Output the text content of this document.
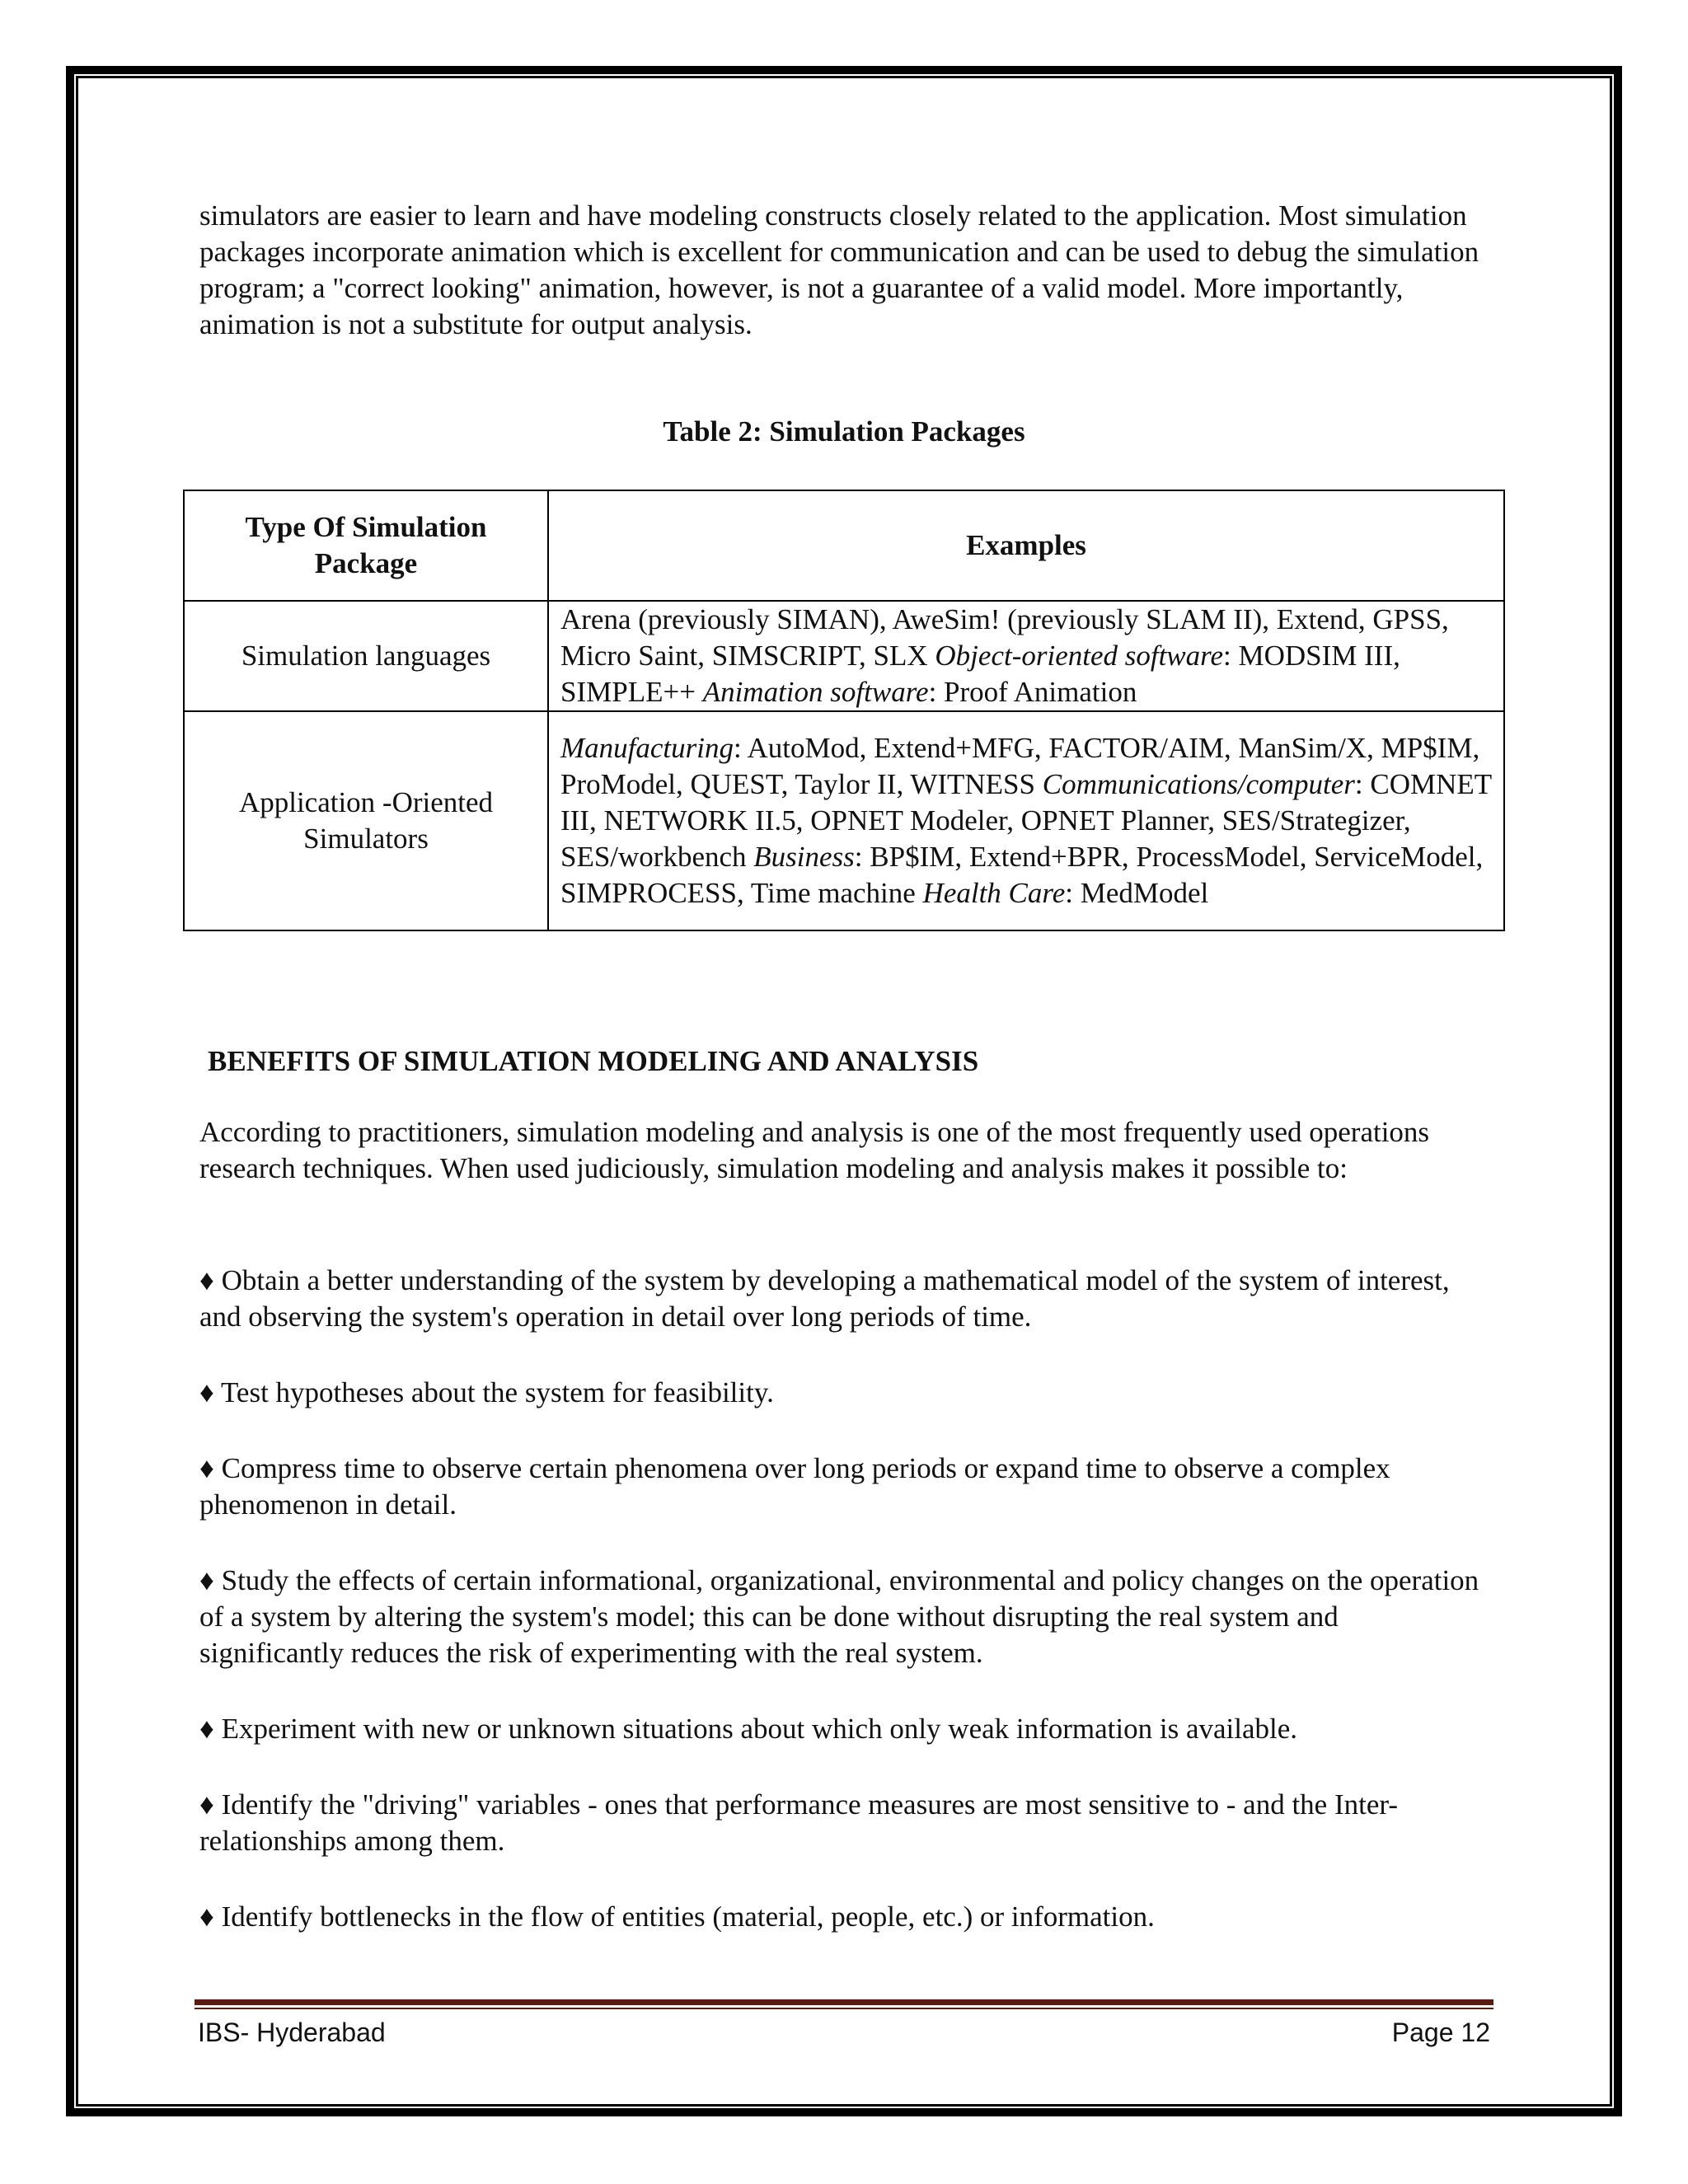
simulators are easier to learn and have modeling constructs closely related to the application. Most simulation packages incorporate animation which is excellent for communication and can be used to debug the simulation program; a "correct looking" animation, however, is not a guarantee of a valid model. More importantly, animation is not a substitute for output analysis.

Table 2: Simulation Packages
Type Of Simulation Package	Examples
Simulation languages	Arena (previously SIMAN), AweSim! (previously SLAM II), Extend, GPSS, Micro Saint, SIMSCRIPT, SLX Object-oriented software: MODSIM III, SIMPLE++ Animation software: Proof Animation
Application -Oriented Simulators	Manufacturing: AutoMod, Extend+MFG, FACTOR/AIM, ManSim/X, MP$IM, ProModel, QUEST, Taylor II, WITNESS Communications/computer: COMNET III, NETWORK II.5, OPNET Modeler, OPNET Planner, SES/Strategizer, SES/workbench Business: BP$IM, Extend+BPR, ProcessModel, ServiceModel, SIMPROCESS, Time machine Health Care: MedModel
BENEFITS OF SIMULATION MODELING AND ANALYSIS

According to practitioners, simulation modeling and analysis is one of the most frequently used operations research techniques. When used judiciously, simulation modeling and analysis makes it possible to:

♦ Obtain a better understanding of the system by developing a mathematical model of the system of interest, and observing the system's operation in detail over long periods of time.

♦ Test hypotheses about the system for feasibility.

♦ Compress time to observe certain phenomena over long periods or expand time to observe a complex phenomenon in detail.

♦ Study the effects of certain informational, organizational, environmental and policy changes on the operation of a system by altering the system's model; this can be done without disrupting the real system and significantly reduces the risk of experimenting with the real system.

♦ Experiment with new or unknown situations about which only weak information is available.

♦ Identify the "driving" variables - ones that performance measures are most sensitive to - and the Inter-relationships among them.

♦ Identify bottlenecks in the flow of entities (material, people, etc.) or information.

IBS- Hyderabad	Page 12
